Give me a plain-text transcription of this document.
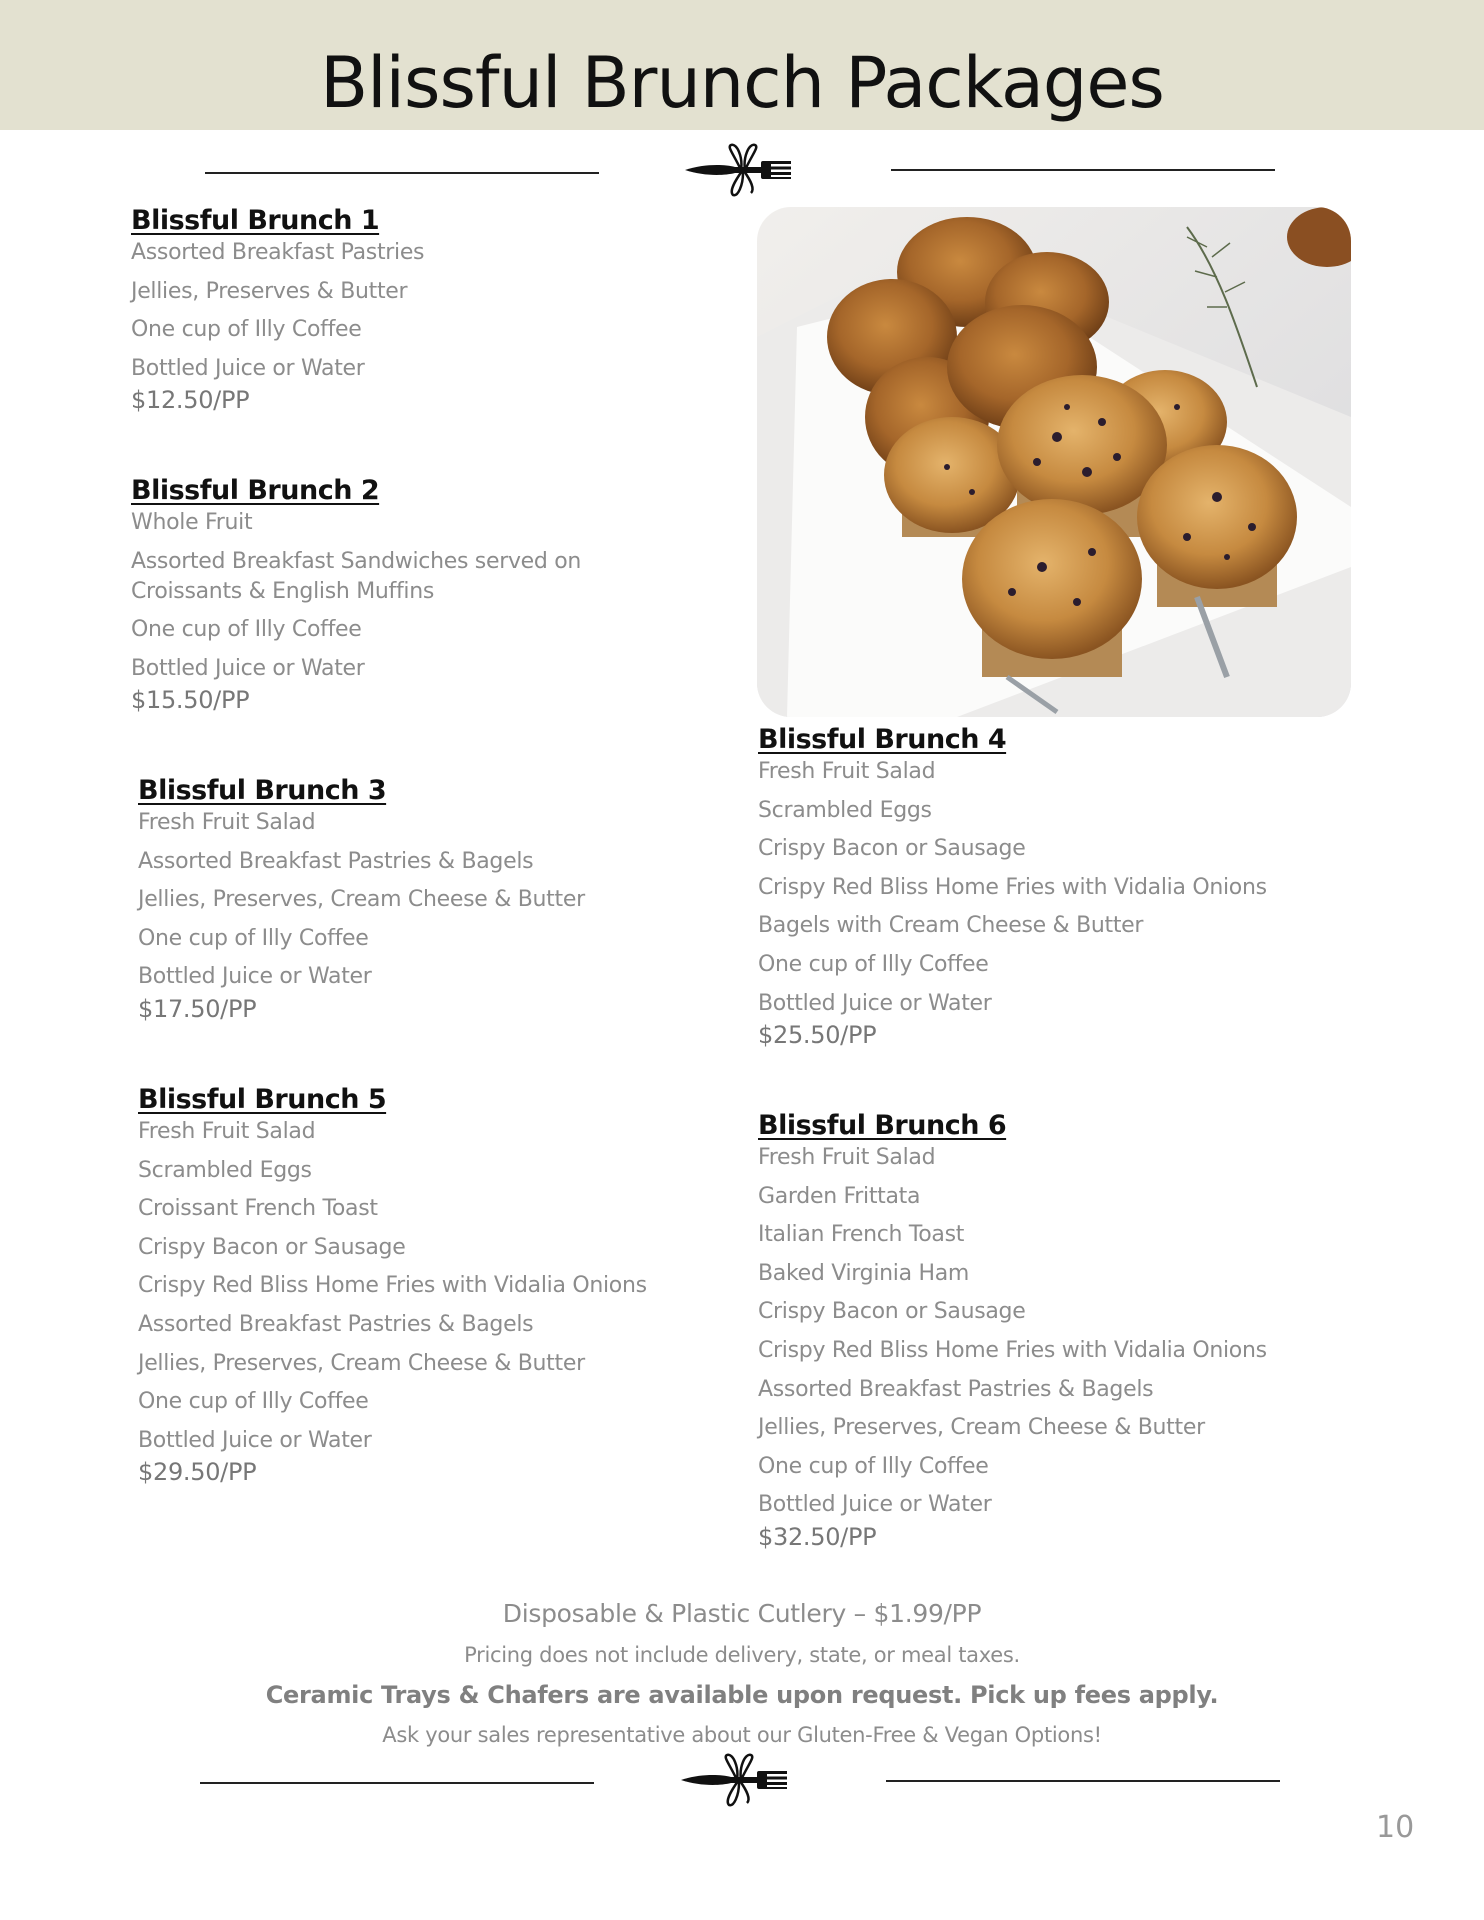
Blissful Brunch Packages
Blissful Brunch 1
Assorted Breakfast Pastries
Jellies, Preserves & Butter
One cup of Illy Coffee
Bottled Juice or Water
$12.50/PP
Blissful Brunch 2
Whole Fruit
Assorted Breakfast Sandwiches served on Croissants & English Muffins
One cup of Illy Coffee
Bottled Juice or Water
$15.50/PP
Blissful Brunch 3
Fresh Fruit Salad
Assorted Breakfast Pastries & Bagels
Jellies, Preserves, Cream Cheese & Butter
One cup of Illy Coffee
Bottled Juice or Water
$17.50/PP
Blissful Brunch 4
Fresh Fruit Salad
Scrambled Eggs
Crispy Bacon or Sausage
Crispy Red Bliss Home Fries with Vidalia Onions
Bagels with Cream Cheese & Butter
One cup of Illy Coffee
Bottled Juice or Water
$25.50/PP
Blissful Brunch 5
Fresh Fruit Salad
Scrambled Eggs
Croissant French Toast
Crispy Bacon or Sausage
Crispy Red Bliss Home Fries with Vidalia Onions
Assorted Breakfast Pastries & Bagels
Jellies, Preserves, Cream Cheese & Butter
One cup of Illy Coffee
Bottled Juice or Water
$29.50/PP
Blissful Brunch 6
Fresh Fruit Salad
Garden Frittata
Italian French Toast
Baked Virginia Ham
Crispy Bacon or Sausage
Crispy Red Bliss Home Fries with Vidalia Onions
Assorted Breakfast Pastries & Bagels
Jellies, Preserves, Cream Cheese & Butter
One cup of Illy Coffee
Bottled Juice or Water
$32.50/PP
Disposable & Plastic Cutlery – $1.99/PP
Pricing does not include delivery, state, or meal taxes.
Ceramic Trays & Chafers are available upon request. Pick up fees apply.
Ask your sales representative about our Gluten-Free & Vegan Options!
10
